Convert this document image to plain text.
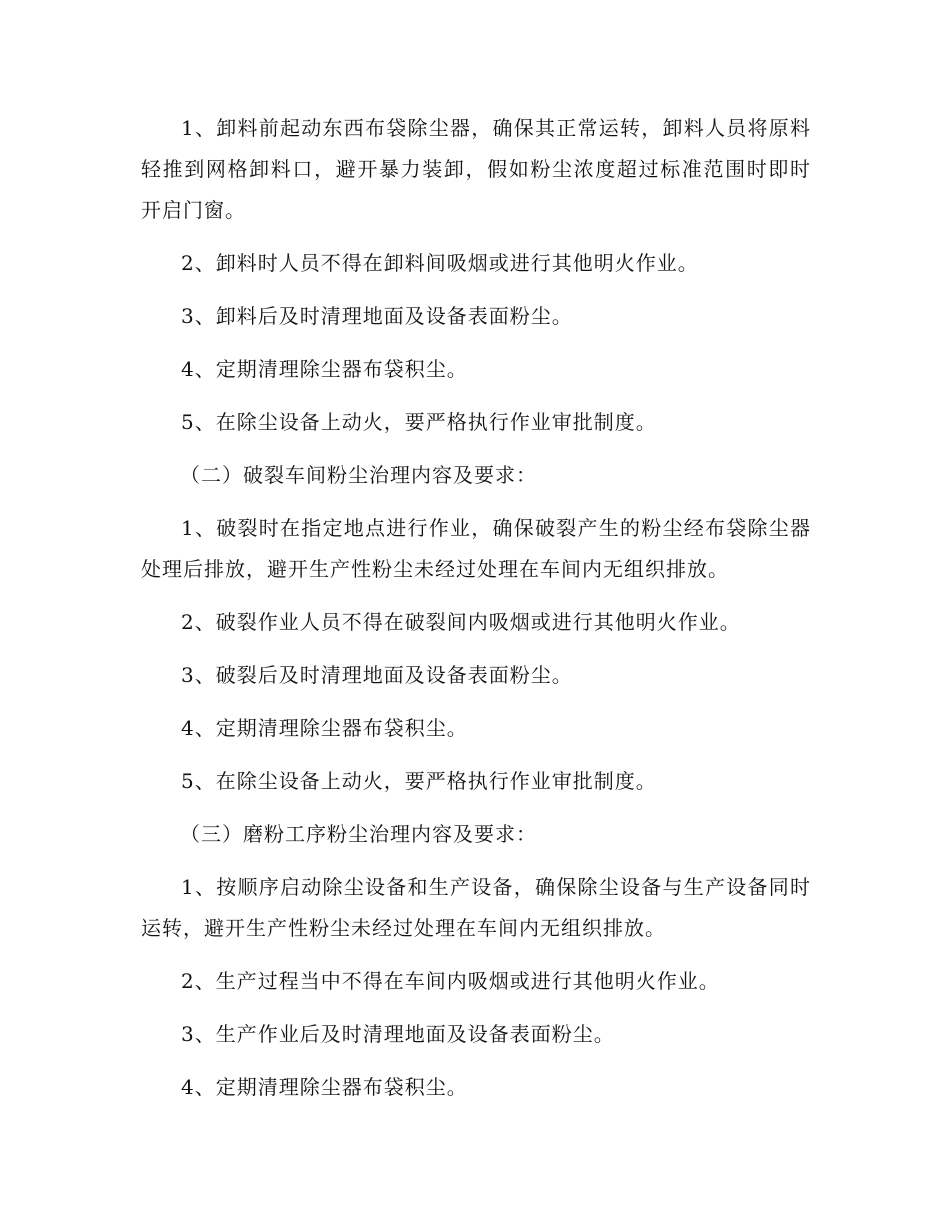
1、卸料前起动东西布袋除尘器，确保其正常运转，卸料人员将原料轻推到网格卸料口，避开暴力装卸，假如粉尘浓度超过标准范围时即时开启门窗。

2、卸料时人员不得在卸料间吸烟或进行其他明火作业。

3、卸料后及时清理地面及设备表面粉尘。

4、定期清理除尘器布袋积尘。

5、在除尘设备上动火，要严格执行作业审批制度。

（二）破裂车间粉尘治理内容及要求：

1、破裂时在指定地点进行作业，确保破裂产生的粉尘经布袋除尘器处理后排放，避开生产性粉尘未经过处理在车间内无组织排放。

2、破裂作业人员不得在破裂间内吸烟或进行其他明火作业。

3、破裂后及时清理地面及设备表面粉尘。

4、定期清理除尘器布袋积尘。

5、在除尘设备上动火，要严格执行作业审批制度。

（三）磨粉工序粉尘治理内容及要求：

1、按顺序启动除尘设备和生产设备，确保除尘设备与生产设备同时运转，避开生产性粉尘未经过处理在车间内无组织排放。

2、生产过程当中不得在车间内吸烟或进行其他明火作业。

3、生产作业后及时清理地面及设备表面粉尘。

4、定期清理除尘器布袋积尘。
